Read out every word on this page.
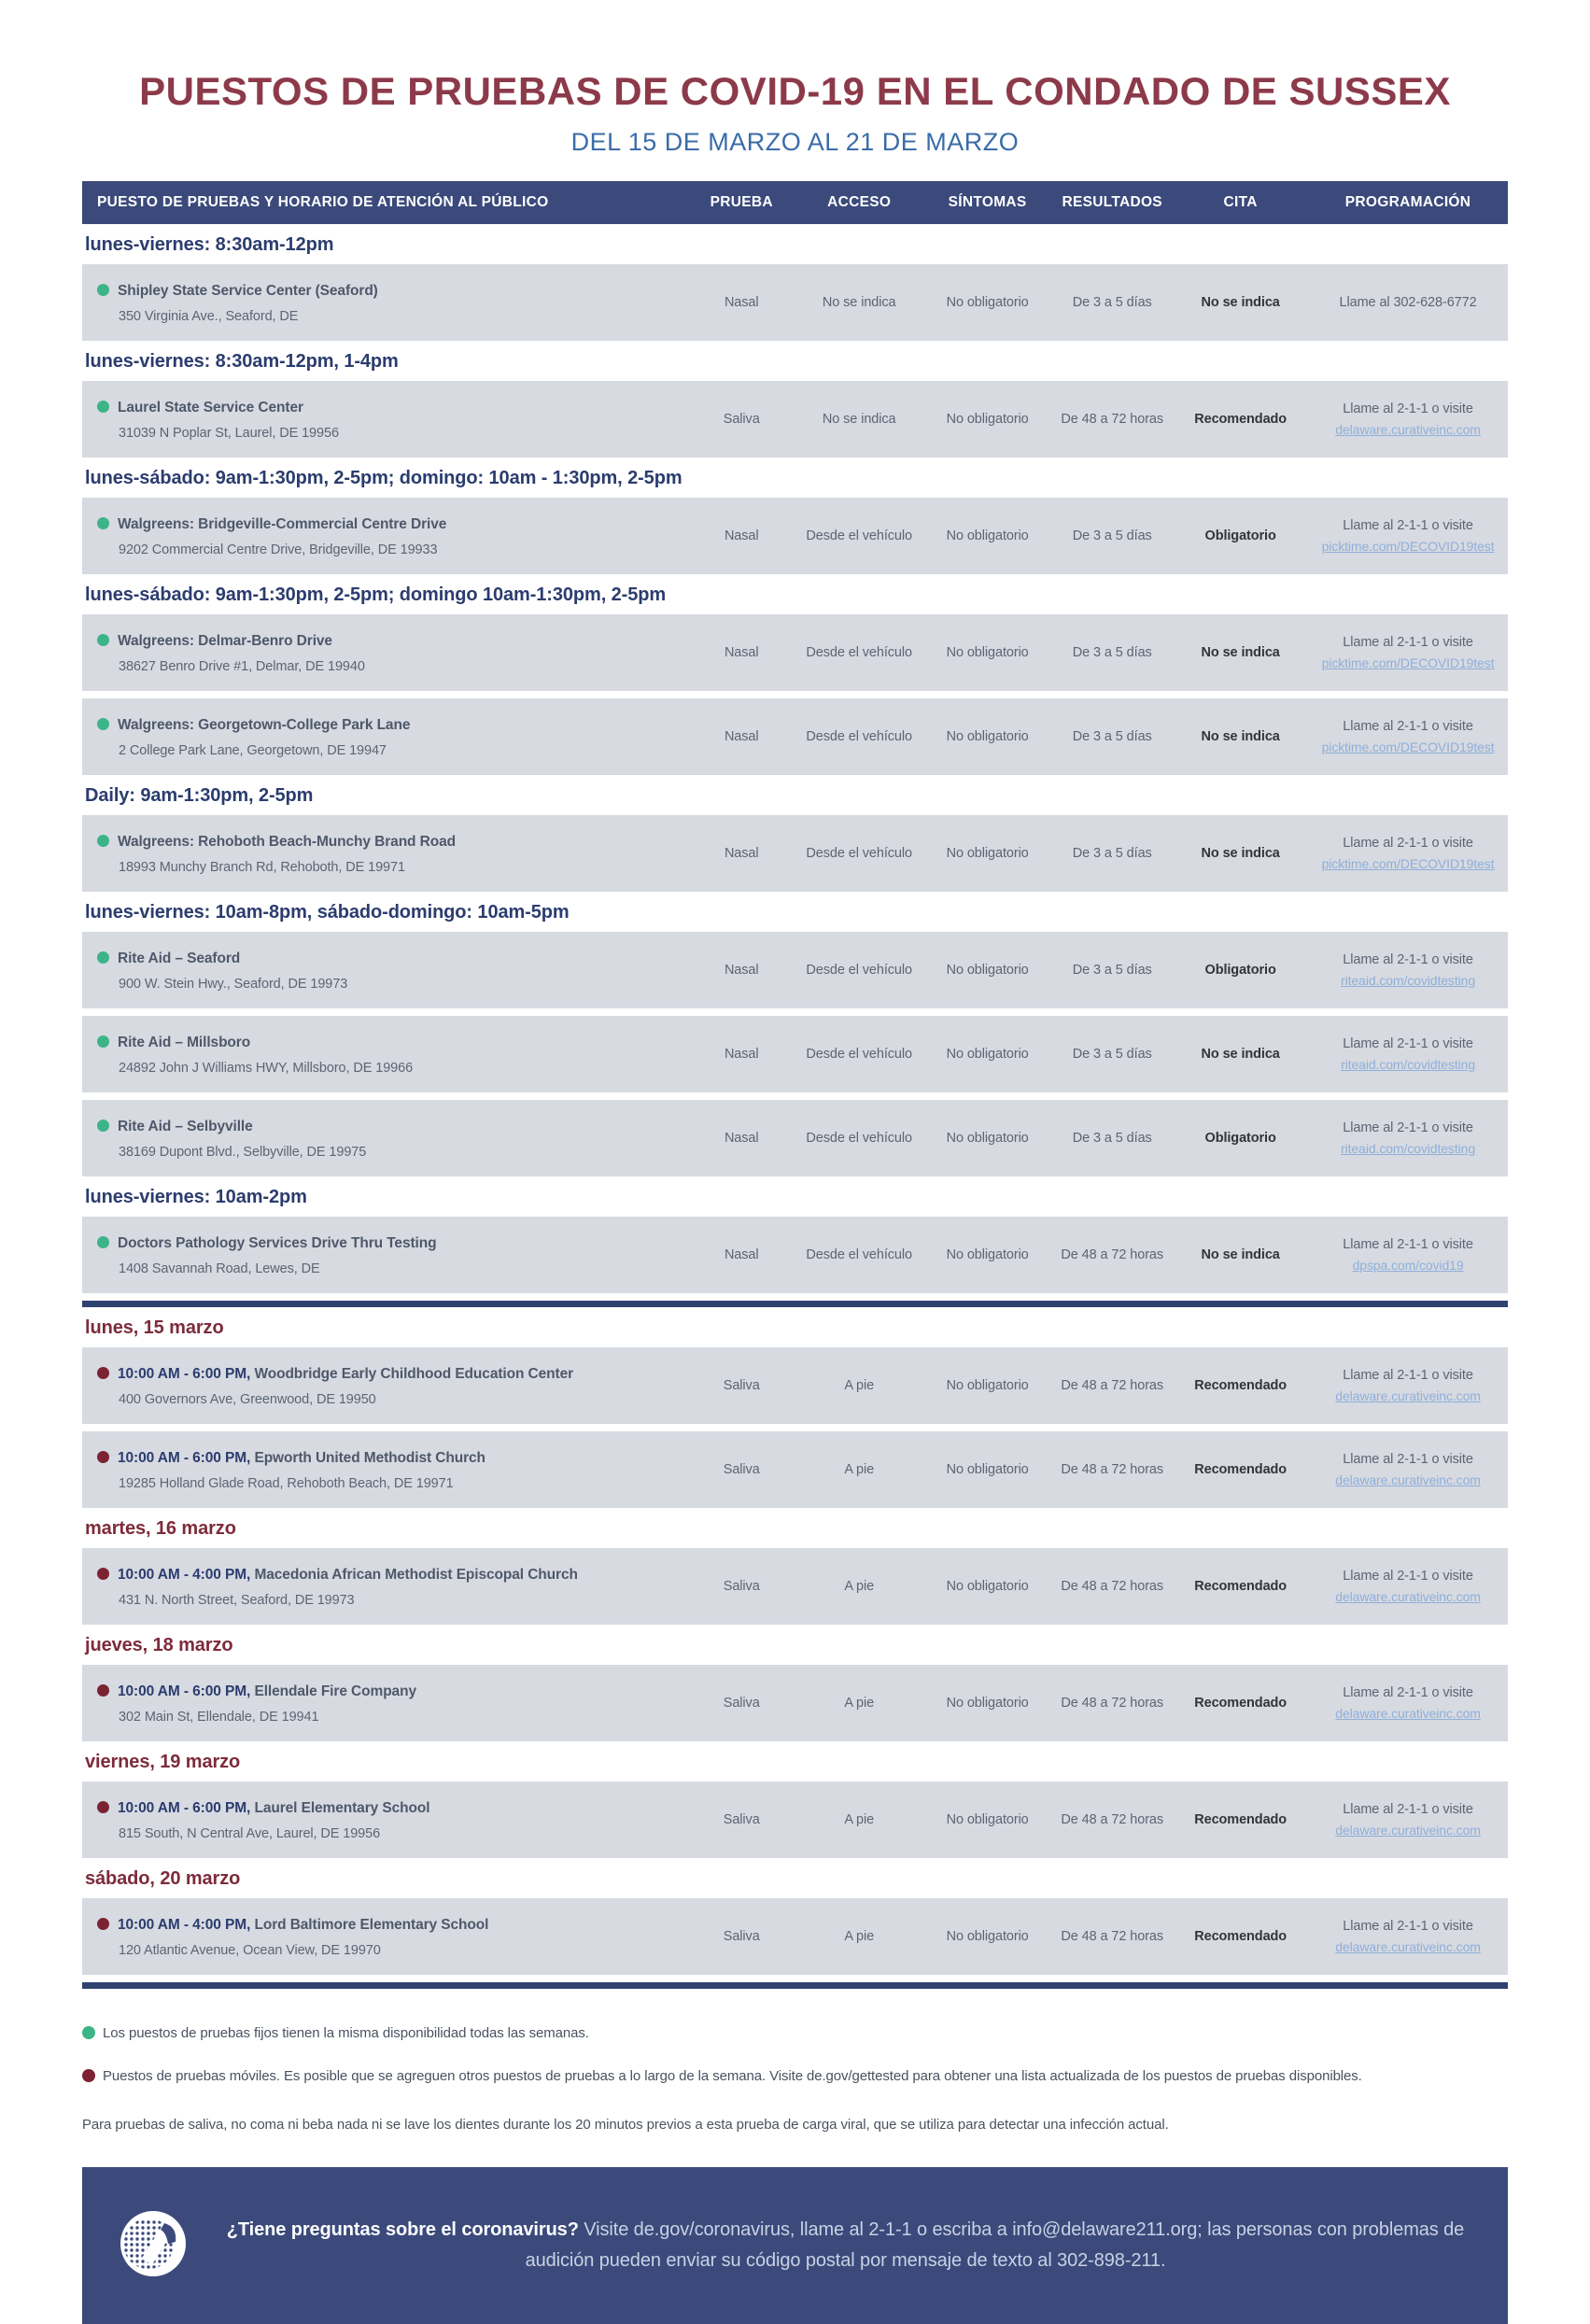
PUESTOS DE PRUEBAS DE COVID-19 EN EL CONDADO DE SUSSEX
DEL 15 DE MARZO AL 21 DE MARZO
PUESTO DE PRUEBAS Y HORARIO DE ATENCIÓN AL PÚBLICO	PRUEBA	ACCESO	SÍNTOMAS	RESULTADOS	CITA	PROGRAMACIÓN
lunes-viernes: 8:30am-12pm
Shipley State Service Center (Seaford)
350 Virginia Ave., Seaford, DE
Nasal	No se indica	No obligatorio	De 3 a 5 días	No se indica	Llame al 302-628-6772
lunes-viernes: 8:30am-12pm, 1-4pm
Laurel State Service Center
31039 N Poplar St, Laurel, DE 19956
Saliva	No se indica	No obligatorio	De 48 a 72 horas	Recomendado
Llame al 2-1-1 o visite
delaware.curativeinc.com
lunes-sábado: 9am-1:30pm, 2-5pm; domingo: 10am - 1:30pm, 2-5pm
Walgreens: Bridgeville-Commercial Centre Drive
9202 Commercial Centre Drive, Bridgeville, DE 19933
Nasal	Desde el vehículo	No obligatorio	De 3 a 5 días	Obligatorio
Llame al 2-1-1 o visite
picktime.com/DECOVID19test
lunes-sábado: 9am-1:30pm, 2-5pm; domingo 10am-1:30pm, 2-5pm
Walgreens: Delmar-Benro Drive
38627 Benro Drive #1, Delmar, DE 19940
Nasal	Desde el vehículo	No obligatorio	De 3 a 5 días	No se indica
Llame al 2-1-1 o visite
picktime.com/DECOVID19test
Walgreens: Georgetown-College Park Lane
2 College Park Lane, Georgetown, DE 19947
Nasal	Desde el vehículo	No obligatorio	De 3 a 5 días	No se indica
Llame al 2-1-1 o visite
picktime.com/DECOVID19test
Daily: 9am-1:30pm, 2-5pm
Walgreens: Rehoboth Beach-Munchy Brand Road
18993 Munchy Branch Rd, Rehoboth, DE 19971
Nasal	Desde el vehículo	No obligatorio	De 3 a 5 días	No se indica
Llame al 2-1-1 o visite
picktime.com/DECOVID19test
lunes-viernes: 10am-8pm, sábado-domingo: 10am-5pm
Rite Aid – Seaford
900 W. Stein Hwy., Seaford, DE 19973
Nasal	Desde el vehículo	No obligatorio	De 3 a 5 días	Obligatorio
Llame al 2-1-1 o visite
riteaid.com/covidtesting
Rite Aid – Millsboro
24892 John J Williams HWY, Millsboro, DE 19966
Nasal	Desde el vehículo	No obligatorio	De 3 a 5 días	No se indica
Llame al 2-1-1 o visite
riteaid.com/covidtesting
Rite Aid – Selbyville
38169 Dupont Blvd., Selbyville, DE 19975
Nasal	Desde el vehículo	No obligatorio	De 3 a 5 días	Obligatorio
Llame al 2-1-1 o visite
riteaid.com/covidtesting
lunes-viernes: 10am-2pm
Doctors Pathology Services Drive Thru Testing
1408 Savannah Road, Lewes, DE
Nasal	Desde el vehículo	No obligatorio	De 48 a 72 horas	No se indica
Llame al 2-1-1 o visite
dpspa.com/covid19
lunes, 15 marzo
10:00 AM - 6:00 PM, Woodbridge Early Childhood Education Center
400 Governors Ave, Greenwood, DE 19950
Saliva	A pie	No obligatorio	De 48 a 72 horas	Recomendado
Llame al 2-1-1 o visite
delaware.curativeinc.com
10:00 AM - 6:00 PM, Epworth United Methodist Church
19285 Holland Glade Road, Rehoboth Beach, DE 19971
Saliva	A pie	No obligatorio	De 48 a 72 horas	Recomendado
Llame al 2-1-1 o visite
delaware.curativeinc.com
martes, 16 marzo
10:00 AM - 4:00 PM, Macedonia African Methodist Episcopal Church
431 N. North Street, Seaford, DE 19973
Saliva	A pie	No obligatorio	De 48 a 72 horas	Recomendado
Llame al 2-1-1 o visite
delaware.curativeinc.com
jueves, 18 marzo
10:00 AM - 6:00 PM, Ellendale Fire Company
302 Main St, Ellendale, DE 19941
Saliva	A pie	No obligatorio	De 48 a 72 horas	Recomendado
Llame al 2-1-1 o visite
delaware.curativeinc.com
viernes, 19 marzo
10:00 AM - 6:00 PM, Laurel Elementary School
815 South, N Central Ave, Laurel, DE 19956
Saliva	A pie	No obligatorio	De 48 a 72 horas	Recomendado
Llame al 2-1-1 o visite
delaware.curativeinc.com
sábado, 20 marzo
10:00 AM - 4:00 PM, Lord Baltimore Elementary School
120 Atlantic Avenue, Ocean View, DE 19970
Saliva	A pie	No obligatorio	De 48 a 72 horas	Recomendado
Llame al 2-1-1 o visite
delaware.curativeinc.com
Los puestos de pruebas fijos tienen la misma disponibilidad todas las semanas.
Puestos de pruebas móviles. Es posible que se agreguen otros puestos de pruebas a lo largo de la semana. Visite de.gov/gettested para obtener una lista actualizada de los puestos de pruebas disponibles.

Para pruebas de saliva, no coma ni beba nada ni se lave los dientes durante los 20 minutos previos a esta prueba de carga viral, que se utiliza para detectar una infección actual.

¿Tiene preguntas sobre el coronavirus? Visite de.gov/coronavirus, llame al 2-1-1 o escriba a info@delaware211.org; las personas con problemas de audición pueden enviar su código postal por mensaje de texto al 302-898-211.
